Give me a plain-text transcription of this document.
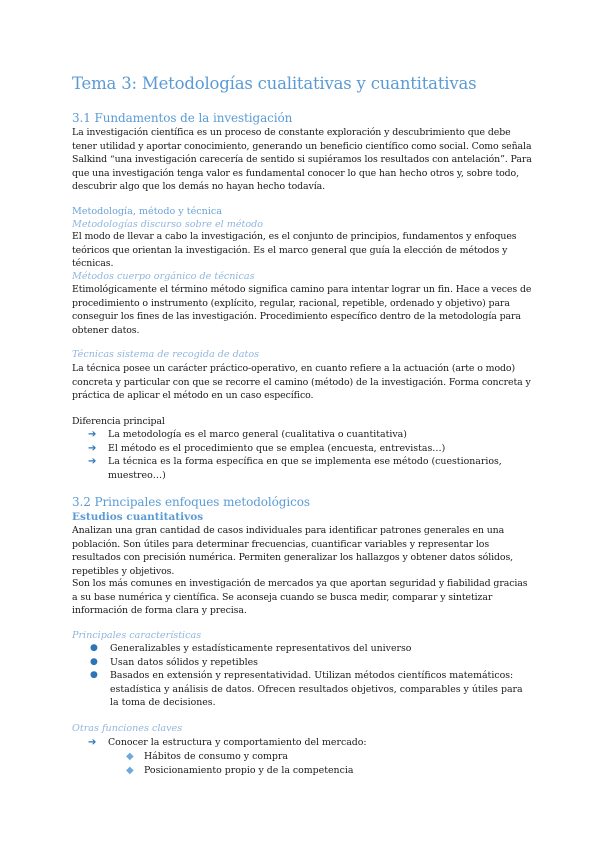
Tema 3: Metodologías cualitativas y cuantitativas
3.1 Fundamentos de la investigación
La investigación científica es un proceso de constante exploración y descubrimiento que debe tener utilidad y aportar conocimiento, generando un beneficio científico como social. Como señala Salkind “una investigación carecería de sentido si supiéramos los resultados con antelación”. Para que una investigación tenga valor es fundamental conocer lo que han hecho otros y, sobre todo, descubrir algo que los demás no hayan hecho todavía.
Metodología, método y técnica
Metodologías discurso sobre el método
El modo de llevar a cabo la investigación, es el conjunto de principios, fundamentos y enfoques teóricos que orientan la investigación. Es el marco general que guía la elección de métodos y técnicas.
Métodos cuerpo orgánico de técnicas
Etimológicamente el término método significa camino para intentar lograr un fin. Hace a veces de procedimiento o instrumento (explícito, regular, racional, repetible, ordenado y objetivo) para conseguir los fines de las investigación. Procedimiento específico dentro de la metodología para obtener datos.
Técnicas sistema de recogida de datos
La técnica posee un carácter práctico-operativo, en cuanto refiere a la actuación (arte o modo) concreta y particular con que se recorre el camino (método) de la investigación. Forma concreta y práctica de aplicar el método en un caso específico.
Diferencia principal
➔ La metodología es el marco general (cualitativa o cuantitativa)
➔ El método es el procedimiento que se emplea (encuesta, entrevistas…)
➔ La técnica es la forma específica en que se implementa ese método (cuestionarios, muestreo…)
3.2 Principales enfoques metodológicos
Estudios cuantitativos
Analizan una gran cantidad de casos individuales para identificar patrones generales en una población. Son útiles para determinar frecuencias, cuantificar variables y representar los resultados con precisión numérica. Permiten generalizar los hallazgos y obtener datos sólidos, repetibles y objetivos.
Son los más comunes en investigación de mercados ya que aportan seguridad y fiabilidad gracias a su base numérica y científica. Se aconseja cuando se busca medir, comparar y sintetizar información de forma clara y precisa.
Principales características
● Generalizables y estadísticamente representativos del universo
● Usan datos sólidos y repetibles
● Basados en extensión y representatividad. Utilizan métodos científicos matemáticos: estadística y análisis de datos. Ofrecen resultados objetivos, comparables y útiles para la toma de decisiones.
Otras funciones claves
➔ Conocer la estructura y comportamiento del mercado:
◆ Hábitos de consumo y compra
◆ Posicionamiento propio y de la competencia
